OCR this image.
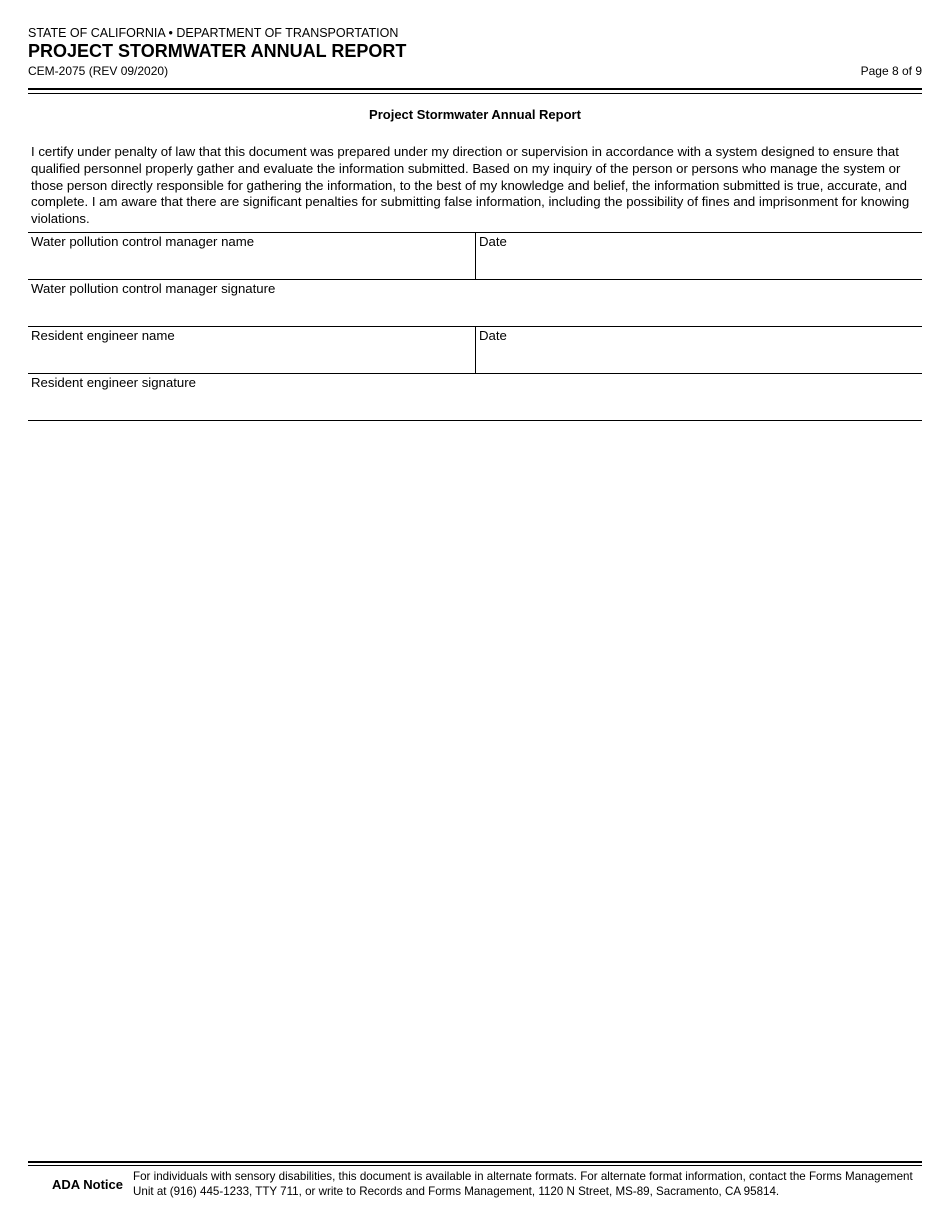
STATE OF CALIFORNIA • DEPARTMENT OF TRANSPORTATION
PROJECT STORMWATER ANNUAL REPORT
CEM-2075 (REV 09/2020)	Page 8 of 9
Project Stormwater Annual Report
I certify under penalty of law that this document was prepared under my direction or supervision in accordance with a system designed to ensure that qualified personnel properly gather and evaluate the information submitted. Based on my inquiry of the person or persons who manage the system or those person directly responsible for gathering the information, to the best of my knowledge and belief, the information submitted is true, accurate, and complete. I am aware that there are significant penalties for submitting false information, including the possibility of fines and imprisonment for knowing violations.
Water pollution control manager name	Date
Water pollution control manager signature
Resident engineer name	Date
Resident engineer signature
ADA Notice
For individuals with sensory disabilities, this document is available in alternate formats. For alternate format information, contact the Forms Management Unit at (916) 445-1233, TTY 711, or write to Records and Forms Management, 1120 N Street, MS-89, Sacramento, CA 95814.
